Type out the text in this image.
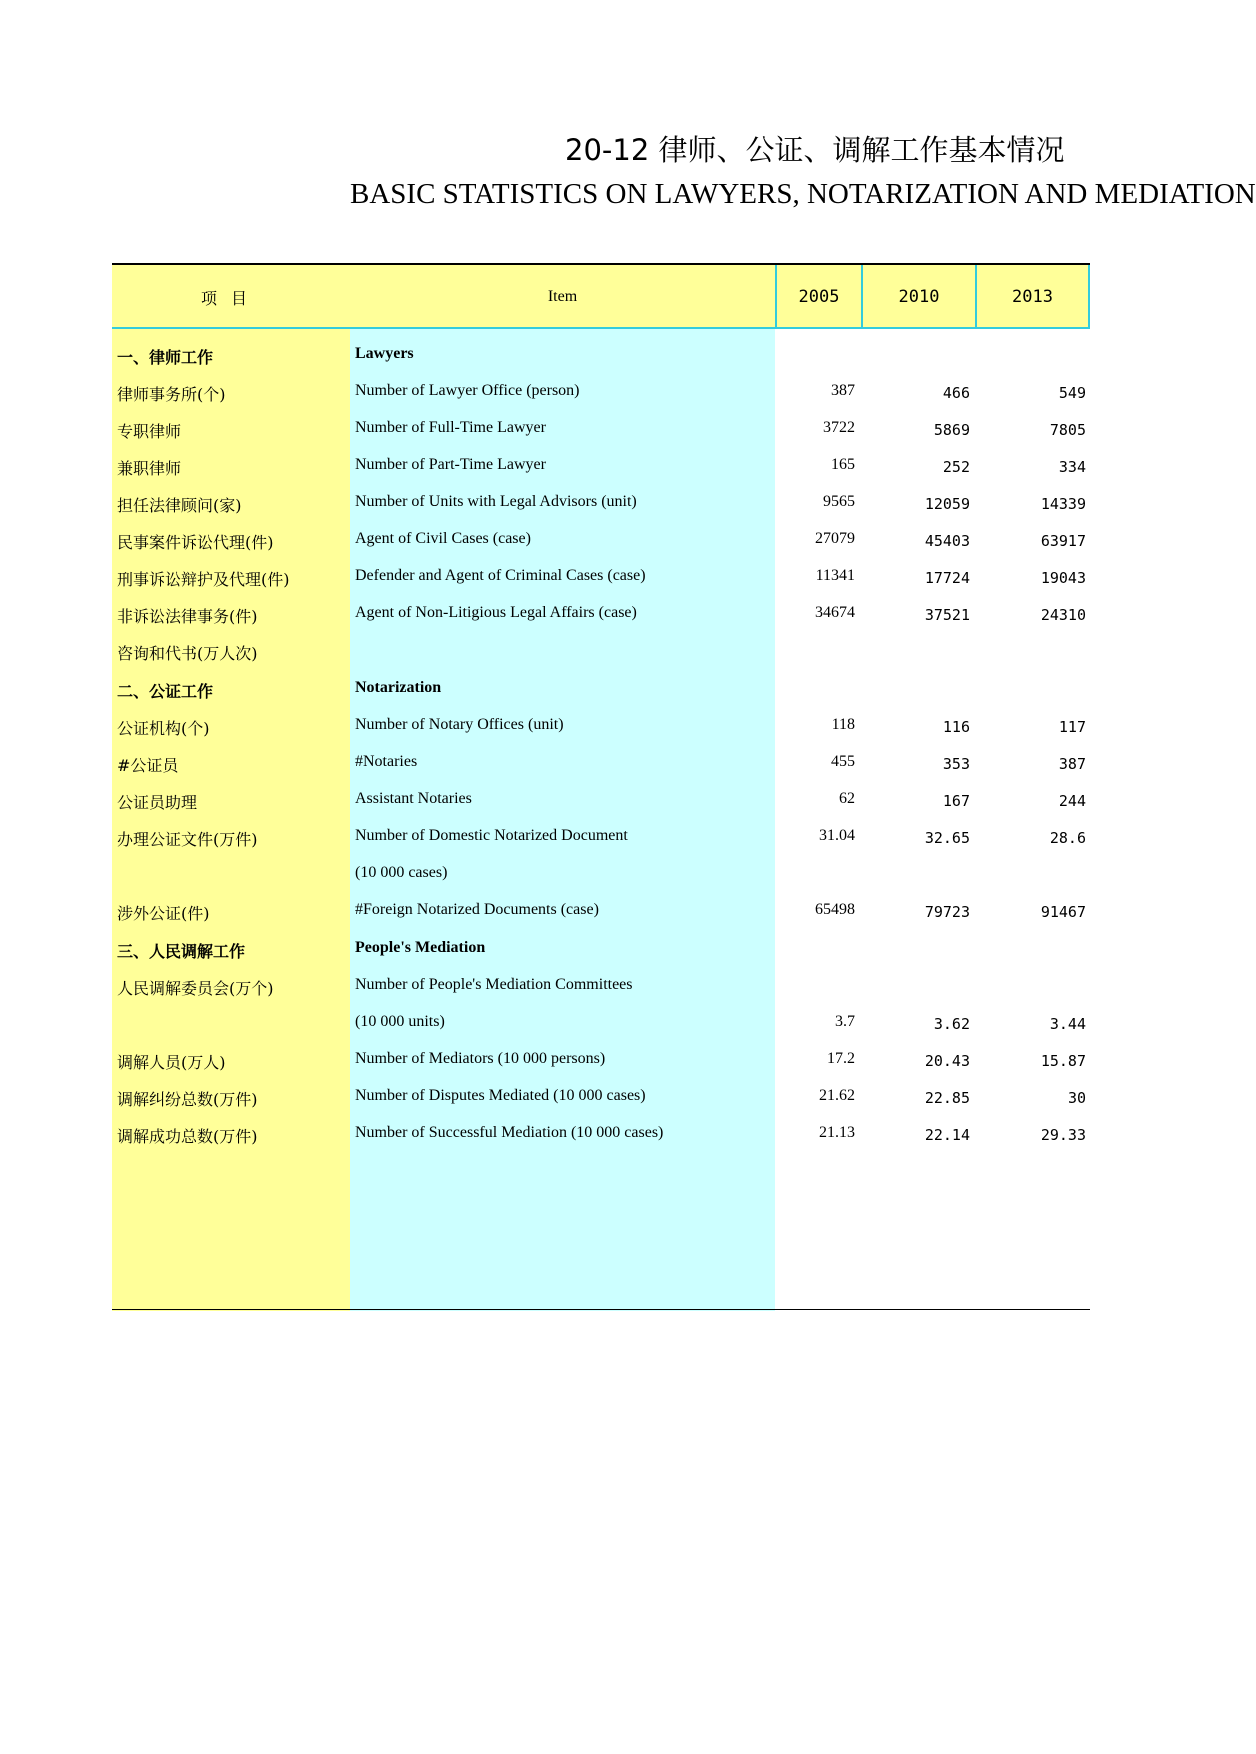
20-12 律师、公证、调解工作基本情况
BASIC STATISTICS ON LAWYERS, NOTARIZATION AND MEDIATION
项目	Item	2005	2010	2013
一、律师工作	Lawyers
律师事务所(个)	Number of Lawyer Office (person)	387	466	549
专职律师	Number of Full-Time Lawyer	3722	5869	7805
兼职律师	Number of Part-Time Lawyer	165	252	334
担任法律顾问(家)	Number of Units with Legal Advisors (unit)	9565	12059	14339
民事案件诉讼代理(件)	Agent of Civil Cases (case)	27079	45403	63917
刑事诉讼辩护及代理(件)	Defender and Agent of Criminal Cases (case)	11341	17724	19043
非诉讼法律事务(件)	Agent of Non-Litigious Legal Affairs (case)	34674	37521	24310
咨询和代书(万人次)
二、公证工作	Notarization
公证机构(个)	Number of Notary Offices (unit)	118	116	117
#公证员	#Notaries	455	353	387
公证员助理	Assistant Notaries	62	167	244
办理公证文件(万件)	Number of Domestic Notarized Document	31.04	32.65	28.6
(10 000 cases)
涉外公证(件)	#Foreign Notarized Documents (case)	65498	79723	91467
三、人民调解工作	People's Mediation
人民调解委员会(万个)	Number of People's Mediation Committees
(10 000 units)	3.7	3.62	3.44
调解人员(万人)	Number of Mediators (10 000 persons)	17.2	20.43	15.87
调解纠纷总数(万件)	Number of Disputes Mediated (10 000 cases)	21.62	22.85	30
调解成功总数(万件)	Number of Successful Mediation (10 000 cases)	21.13	22.14	29.33
